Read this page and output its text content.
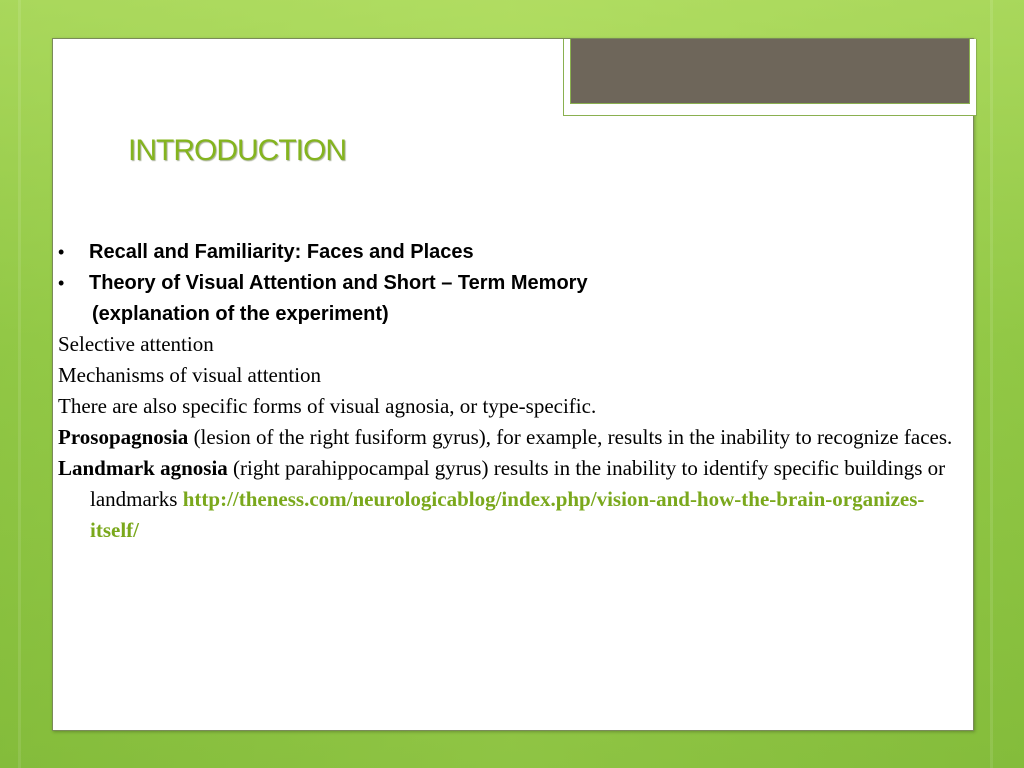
INTRODUCTION
• Recall and Familiarity: Faces and Places
• Theory of Visual Attention and Short – Term Memory
(explanation of the experiment)
Selective attention
Mechanisms of visual attention
There are also specific forms of visual agnosia, or type-specific.
Prosopagnosia (lesion of the right fusiform gyrus), for example, results in the inability to recognize faces.
Landmark agnosia (right parahippocampal gyrus) results in the inability to identify specific buildings or landmarks http://theness.com/neurologicablog/index.php/vision-and-how-the-brain-organizes-itself/
